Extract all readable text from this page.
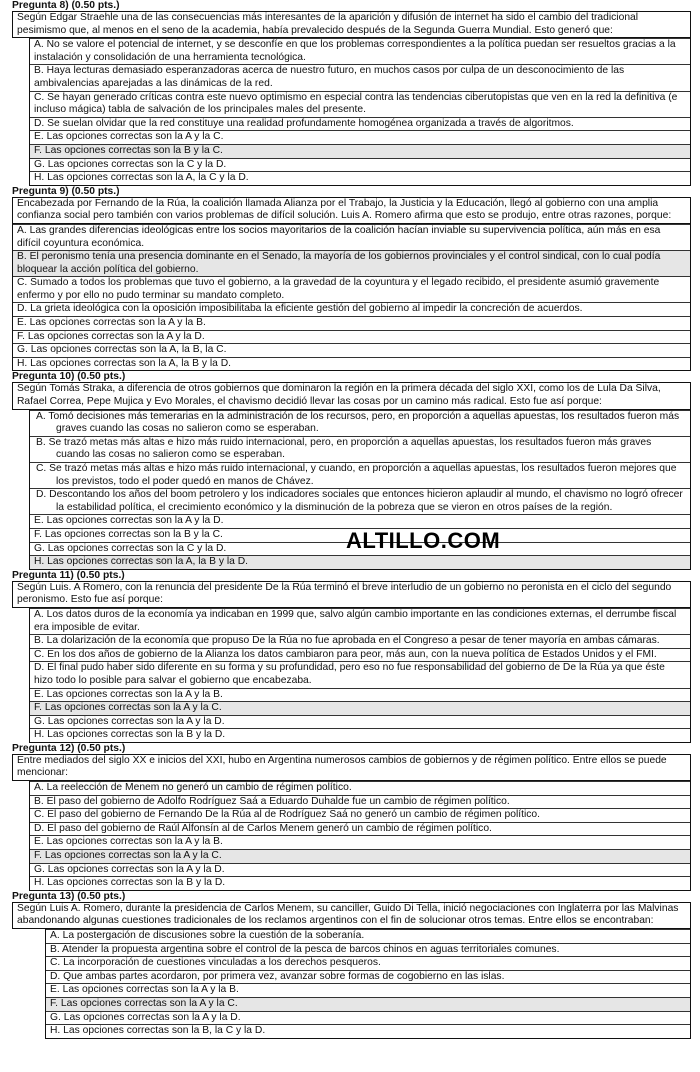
Pregunta 8) (0.50 pts.)
Según Edgar Straehle una de las consecuencias más interesantes de la aparición y difusión de internet ha sido el cambio del tradicional pesimismo que, al menos en el seno de la academia, había prevalecido después de la Segunda Guerra Mundial. Esto generó que:
A. No se valore el potencial de internet, y se desconfíe en que los problemas correspondientes a la política puedan ser resueltos gracias a la instalación y consolidación de una herramienta tecnológica.
B. Haya lecturas demasiado esperanzadoras acerca de nuestro futuro, en muchos casos por culpa de un desconocimiento de las ambivalencias aparejadas a las dinámicas de la red.
C. Se hayan generado críticas contra este nuevo optimismo en especial contra las tendencias ciberutopistas que ven en la red la definitiva (e incluso mágica) tabla de salvación de los principales males del presente.
D. Se suelan olvidar que la red constituye una realidad profundamente homogénea organizada a través de algoritmos.
E. Las opciones correctas son la A y la C.
F. Las opciones correctas son la B y la C.
G. Las opciones correctas son la C y la D.
H. Las opciones correctas son la A, la C y la D.
Pregunta 9) (0.50 pts.)
Encabezada por Fernando de la Rúa, la coalición llamada Alianza por el Trabajo, la Justicia y la Educación, llegó al gobierno con una amplia confianza social pero también con varios problemas de difícil solución. Luis A. Romero afirma que esto se produjo, entre otras razones, porque:
A. Las grandes diferencias ideológicas entre los socios mayoritarios de la coalición hacían inviable su supervivencia política, aún más en esa difícil coyuntura económica.
B. El peronismo tenía una presencia dominante en el Senado, la mayoría de los gobiernos provinciales y el control sindical, con lo cual podía bloquear la acción política del gobierno.
C. Sumado a todos los problemas que tuvo el gobierno, a la gravedad de la coyuntura y el legado recibido, el presidente asumió gravemente enfermo y por ello no pudo terminar su mandato completo.
D. La grieta ideológica con la oposición imposibilitaba la eficiente gestión del gobierno al impedir la concreción de acuerdos.
E. Las opciones correctas son la A y la B.
F. Las opciones correctas son la A y la D.
G. Las opciones correctas son la A, la B, la C.
H. Las opciones correctas son la A, la B y la D.
Pregunta 10) (0.50 pts.)
Según Tomás Straka, a diferencia de otros gobiernos que dominaron la región en la primera década del siglo XXI, como los de Lula Da Silva, Rafael Correa, Pepe Mujica y Evo Morales, el chavismo decidió llevar las cosas por un camino más radical. Esto fue así porque:
A. Tomó decisiones más temerarias en la administración de los recursos, pero, en proporción a aquellas apuestas, los resultados fueron más graves cuando las cosas no salieron como se esperaban.
B. Se trazó metas más altas e hizo más ruido internacional, pero, en proporción a aquellas apuestas, los resultados fueron más graves cuando las cosas no salieron como se esperaban.
C. Se trazó metas más altas e hizo más ruido internacional, y cuando, en proporción a aquellas apuestas, los resultados fueron mejores que los previstos, todo el poder quedó en manos de Chávez.
D. Descontando los años del boom petrolero y los indicadores sociales que entonces hicieron aplaudir al mundo, el chavismo no logró ofrecer la estabilidad política, el crecimiento económico y la disminución de la pobreza que se vieron en otros países de la región.
E. Las opciones correctas son la A y la D.
F. Las opciones correctas son la B y la C.
G. Las opciones correctas son la C y la D.
H. Las opciones correctas son la A, la B y la D.
Pregunta 11) (0.50 pts.)
Según Luis. A Romero, con la renuncia del presidente De la Rúa terminó el breve interludio de un gobierno no peronista en el ciclo del segundo peronismo. Esto fue así porque:
A. Los datos duros de la economía ya indicaban en 1999 que, salvo algún cambio importante en las condiciones externas, el derrumbe fiscal era imposible de evitar.
B. La dolarización de la economía que propuso De la Rúa no fue aprobada en el Congreso a pesar de tener mayoría en ambas cámaras.
C. En los dos años de gobierno de la Alianza los datos cambiaron para peor, más aun, con la nueva política de Estados Unidos y el FMI.
D. El final pudo haber sido diferente en su forma y su profundidad, pero eso no fue responsabilidad del gobierno de De la Rúa ya que éste hizo todo lo posible para salvar el gobierno que encabezaba.
E. Las opciones correctas son la A y la B.
F. Las opciones correctas son la A y la C.
G. Las opciones correctas son la A y la D.
H. Las opciones correctas son la B y la D.
Pregunta 12) (0.50 pts.)
Entre mediados del siglo XX e inicios del XXI, hubo en Argentina numerosos cambios de gobiernos y de régimen político. Entre ellos se puede mencionar:
A. La reelección de Menem no generó un cambio de régimen político.
B. El paso del gobierno de Adolfo Rodríguez Saá a Eduardo Duhalde fue un cambio de régimen político.
C. El paso del gobierno de Fernando De la Rúa al de Rodríguez Saá no generó un cambio de régimen político.
D. El paso del gobierno de Raúl Alfonsín al de Carlos Menem generó un cambio de régimen político.
E. Las opciones correctas son la A y la B.
F. Las opciones correctas son la A y la C.
G. Las opciones correctas son la A y la D.
H. Las opciones correctas son la B y la D.
Pregunta 13) (0.50 pts.)
Según Luis A. Romero, durante la presidencia de Carlos Menem, su canciller, Guido Di Tella, inició negociaciones con Inglaterra por las Malvinas abandonando algunas cuestiones tradicionales de los reclamos argentinos con el fin de solucionar otros temas. Entre ellos se encontraban:
A. La postergación de discusiones sobre la cuestión de la soberanía.
B. Atender la propuesta argentina sobre el control de la pesca de barcos chinos en aguas territoriales comunes.
C. La incorporación de cuestiones vinculadas a los derechos pesqueros.
D. Que ambas partes acordaron, por primera vez, avanzar sobre formas de cogobierno en las islas.
E. Las opciones correctas son la A y la B.
F. Las opciones correctas son la A y la C.
G. Las opciones correctas son la A y la D.
H. Las opciones correctas son la B, la C y la D.
ALTILLO.COM
